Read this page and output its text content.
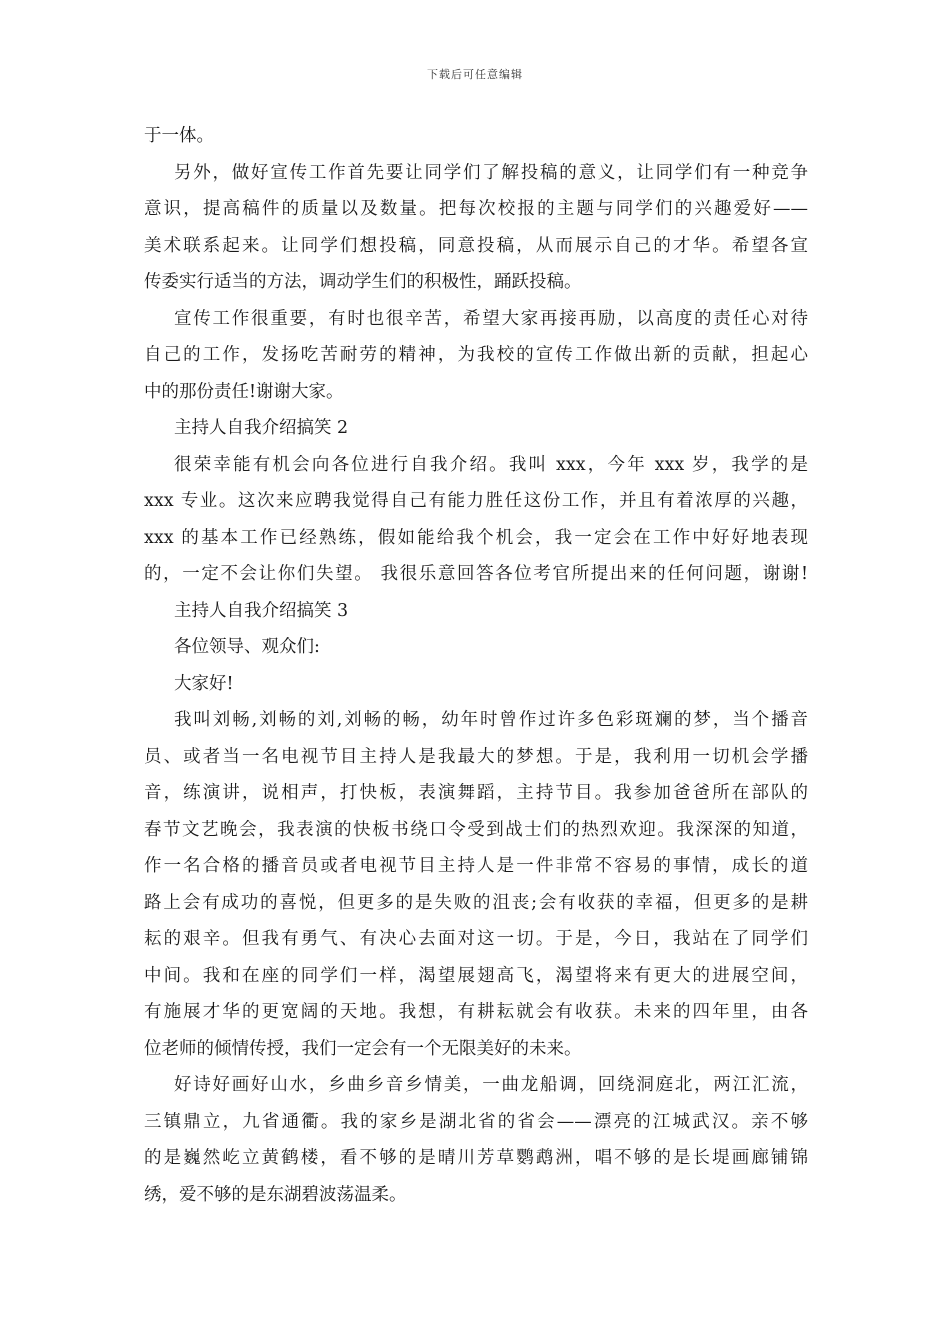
下载后可任意编辑
于一体。
另外，做好宣传工作首先要让同学们了解投稿的意义，让同学们有一种竞争
意识，提高稿件的质量以及数量。把每次校报的主题与同学们的兴趣爱好——
美术联系起来。让同学们想投稿，同意投稿，从而展示自己的才华。希望各宣
传委实行适当的方法，调动学生们的积极性，踊跃投稿。
宣传工作很重要，有时也很辛苦，希望大家再接再励，以高度的责任心对待
自己的工作，发扬吃苦耐劳的精神，为我校的宣传工作做出新的贡献，担起心
中的那份责任!谢谢大家。
主持人自我介绍搞笑 2
很荣幸能有机会向各位进行自我介绍。我叫 xxx，今年 xxx 岁，我学的是
xxx 专业。这次来应聘我觉得自己有能力胜任这份工作，并且有着浓厚的兴趣，
xxx 的基本工作已经熟练，假如能给我个机会，我一定会在工作中好好地表现
的，一定不会让你们失望。 我很乐意回答各位考官所提出来的任何问题，谢谢!
主持人自我介绍搞笑 3
各位领导、观众们:
大家好!
我叫刘畅,刘畅的刘,刘畅的畅，幼年时曾作过许多色彩斑斓的梦，当个播音
员、或者当一名电视节目主持人是我最大的梦想。于是，我利用一切机会学播
音，练演讲，说相声，打快板，表演舞蹈，主持节目。我参加爸爸所在部队的
春节文艺晚会，我表演的快板书绕口令受到战士们的热烈欢迎。我深深的知道，
作一名合格的播音员或者电视节目主持人是一件非常不容易的事情，成长的道
路上会有成功的喜悦，但更多的是失败的沮丧;会有收获的幸福，但更多的是耕
耘的艰辛。但我有勇气、有决心去面对这一切。于是，今日，我站在了同学们
中间。我和在座的同学们一样，渴望展翅高飞，渴望将来有更大的进展空间，
有施展才华的更宽阔的天地。我想，有耕耘就会有收获。未来的四年里，由各
位老师的倾情传授，我们一定会有一个无限美好的未来。
好诗好画好山水，乡曲乡音乡情美，一曲龙船调，回绕洞庭北，两江汇流，
三镇鼎立，九省通衢。我的家乡是湖北省的省会——漂亮的江城武汉。亲不够
的是巍然屹立黄鹤楼，看不够的是晴川芳草鹦鹉洲，唱不够的是长堤画廊铺锦
绣，爱不够的是东湖碧波荡温柔。
